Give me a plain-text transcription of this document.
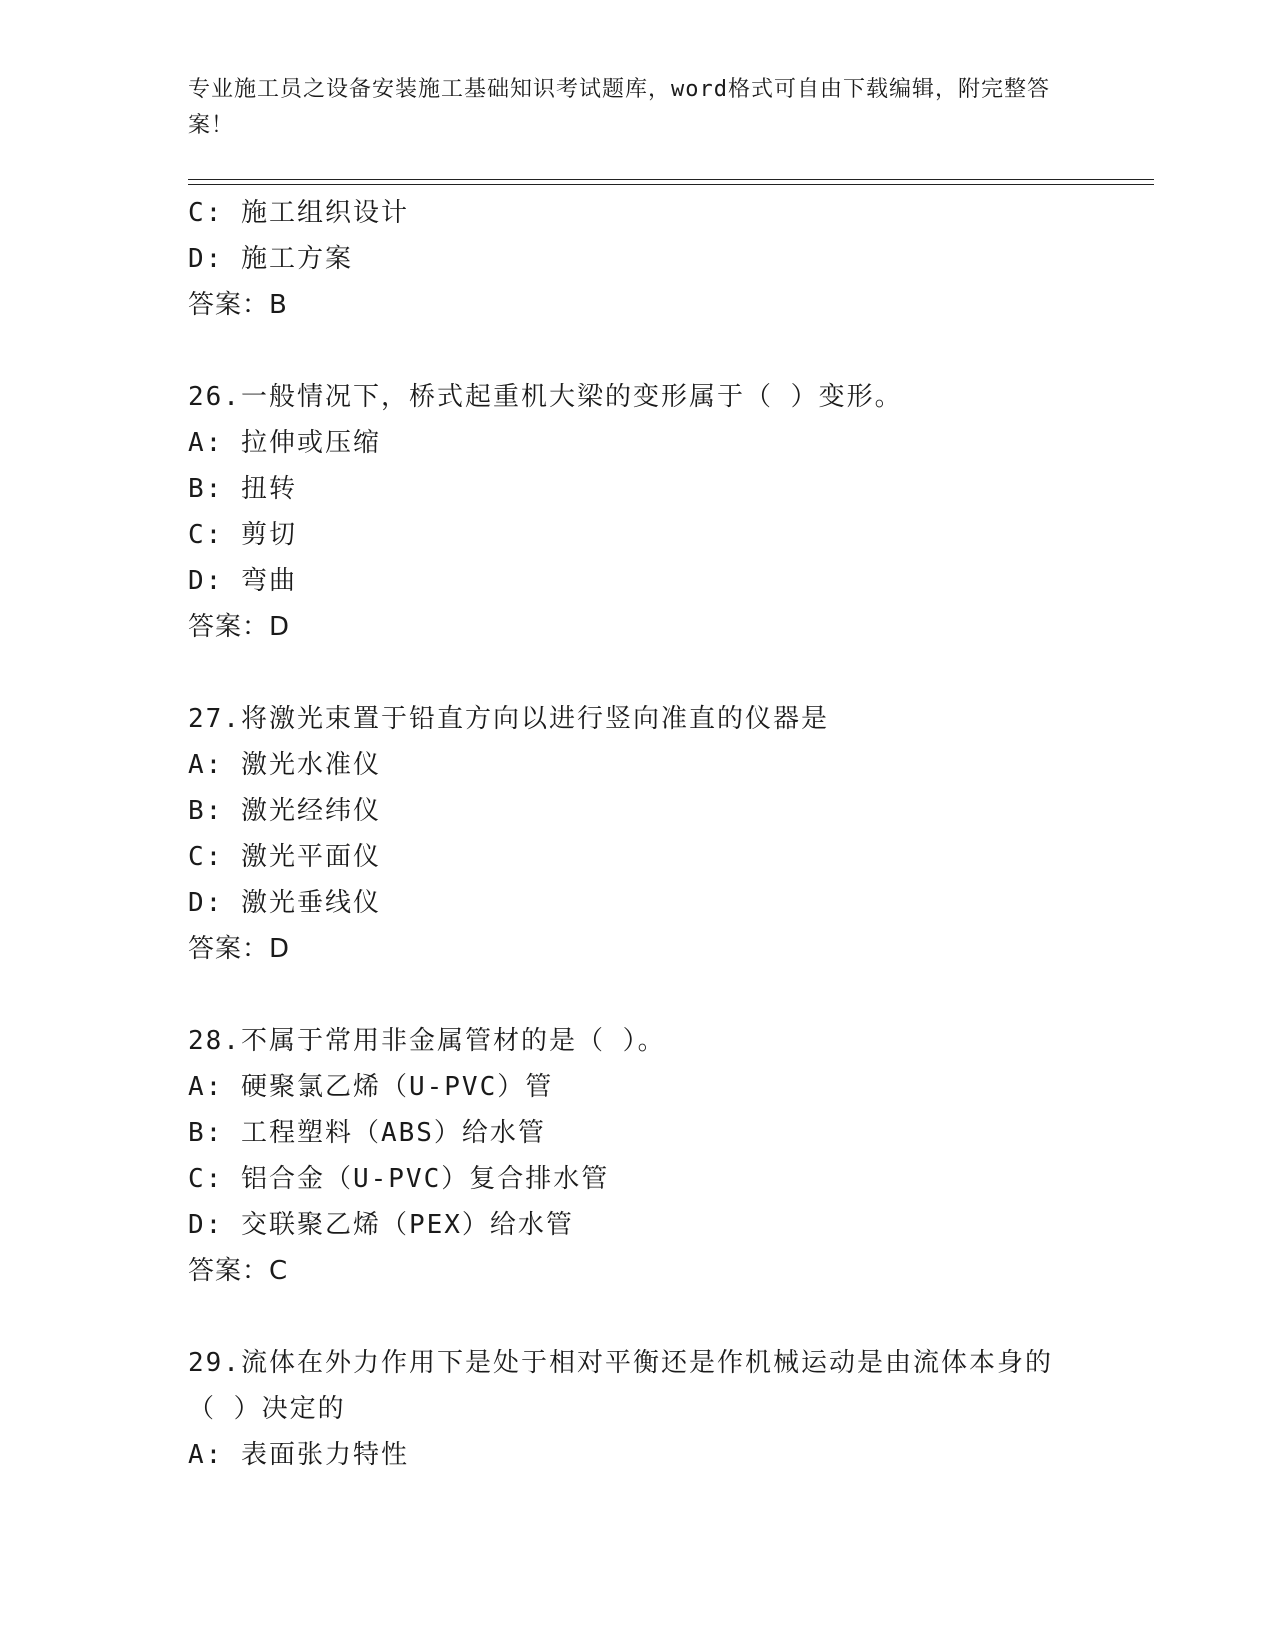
专业施工员之设备安装施工基础知识考试题库，word格式可自由下载编辑，附完整答案！
C: 施工组织设计
D: 施工方案
答案：B
26.一般情况下，桥式起重机大梁的变形属于（ ）变形。
A: 拉伸或压缩
B: 扭转
C: 剪切
D: 弯曲
答案：D
27.将激光束置于铅直方向以进行竖向准直的仪器是
A: 激光水准仪
B: 激光经纬仪
C: 激光平面仪
D: 激光垂线仪
答案：D
28.不属于常用非金属管材的是（ ）。
A: 硬聚氯乙烯（U-PVC）管
B: 工程塑料（ABS）给水管
C: 铝合金（U-PVC）复合排水管
D: 交联聚乙烯（PEX）给水管
答案：C
29.流体在外力作用下是处于相对平衡还是作机械运动是由流体本身的
（ ）决定的
A: 表面张力特性
